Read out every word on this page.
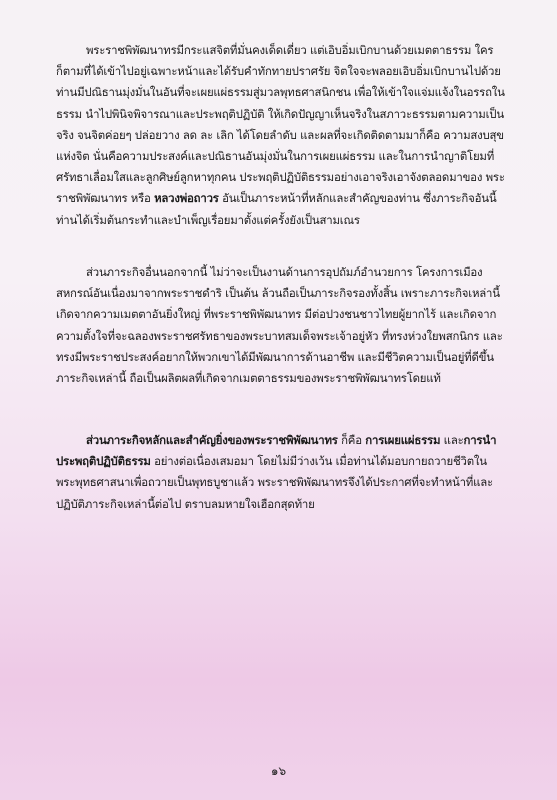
พระราชพิพัฒนาทรมีกระแสจิตที่มั่นคงเด็ดเดี่ยว แต่เอิบอิ่มเบิกบานด้วยเมตตาธรรม ใครก็ตามที่ได้เข้าไปอยู่เฉพาะหน้าและได้รับคำทักทายปราศรัย จิตใจจะพลอยเอิบอิ่มเบิกบานไปด้วย ท่านมีปณิธานมุ่งมั่นในอันที่จะเผยแผ่ธรรมสู่มวลพุทธศาสนิกชน เพื่อให้เข้าใจแจ่มแจ้งในอรรถในธรรม นำไปพินิจพิจารณาและประพฤติปฏิบัติ ให้เกิดปัญญาเห็นจริงในสภาวะธรรมตามความเป็นจริง จนจิตค่อยๆ ปล่อยวาง ลด ละ เลิก ได้โดยลำดับ และผลที่จะเกิดติดตามมาก็คือ ความสงบสุขแห่งจิต นั่นคือความประสงค์และปณิธานอันมุ่งมั่นในการเผยแผ่ธรรม และในการนำญาติโยมที่ศรัทธาเลื่อมใสและลูกศิษย์ลูกหาทุกคน ประพฤติปฏิบัติธรรมอย่างเอาจริงเอาจังตลอดมาของ พระราชพิพัฒนาทร หรือ หลวงพ่อถาวร อันเป็นภาระหน้าที่หลักและสำคัญของท่าน ซึ่งภาระกิจอันนี้ ท่านได้เริ่มต้นกระทำและบำเพ็ญเรื่อยมาตั้งแต่ครั้งยังเป็นสามเณร

ส่วนภาระกิจอื่นนอกจากนี้ ไม่ว่าจะเป็นงานด้านการอุปถัมภ์อำนวยการ โครงการเมืองสหกรณ์อันเนื่องมาจากพระราชดำริ เป็นต้น ล้วนถือเป็นภาระกิจรองทั้งสิ้น เพราะภาระกิจเหล่านี้เกิดจากความเมตตาอันยิ่งใหญ่ ที่พระราชพิพัฒนาทร มีต่อปวงชนชาวไทยผู้ยากไร้ และเกิดจากความตั้งใจที่จะฉลองพระราชศรัทธาของพระบาทสมเด็จพระเจ้าอยู่หัว ที่ทรงห่วงใยพสกนิกร และทรงมีพระราชประสงค์อยากให้พวกเขาได้มีพัฒนาการด้านอาชีพ และมีชีวิตความเป็นอยู่ที่ดีขึ้น ภาระกิจเหล่านี้ ถือเป็นผลิตผลที่เกิดจากเมตตาธรรมของพระราชพิพัฒนาทรโดยแท้

ส่วนภาระกิจหลักและสำคัญยิ่งของพระราชพิพัฒนาทร ก็คือ การเผยแผ่ธรรม และการนำประพฤติปฏิบัติธรรม อย่างต่อเนื่องเสมอมา โดยไม่มีว่างเว้น เมื่อท่านได้มอบกายถวายชีวิตในพระพุทธศาสนาเพื่อถวายเป็นพุทธบูชาแล้ว พระราชพิพัฒนาทรจึงได้ประกาศที่จะทำหน้าที่และปฏิบัติภาระกิจเหล่านี้ต่อไป ตราบลมหายใจเฮือกสุดท้าย

๑๖
